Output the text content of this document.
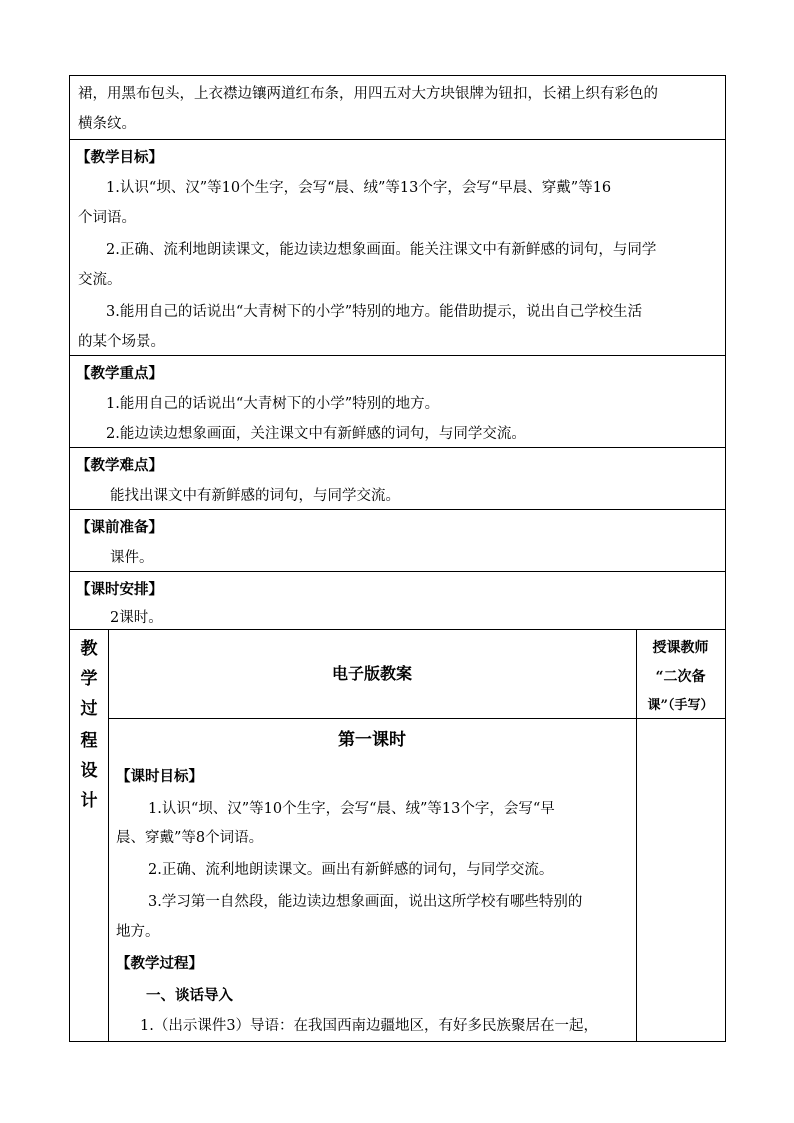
裙，用黑布包头，上衣襟边镶两道红布条，用四五对大方块银牌为钮扣，长裙上织有彩色的
横条纹。
【教学目标】
1.认识“坝、汉”等10个生字，会写“晨、绒”等13个字，会写“早晨、穿戴”等16
个词语。
2.正确、流利地朗读课文，能边读边想象画面。能关注课文中有新鲜感的词句，与同学
交流。
3.能用自己的话说出“大青树下的小学”特别的地方。能借助提示，说出自己学校生活
的某个场景。
【教学重点】
1.能用自己的话说出“大青树下的小学”特别的地方。
2.能边读边想象画面，关注课文中有新鲜感的词句，与同学交流。
【教学难点】
能找出课文中有新鲜感的词句，与同学交流。
【课前准备】
课件。
【课时安排】
2课时。
教
学
过
程
设
计
电子版教案
授课教师
“二次备
课”（手写）
第一课时
【课时目标】
1.认识“坝、汉”等10个生字，会写“晨、绒”等13个字，会写“早
晨、穿戴”等8个词语。
2.正确、流利地朗读课文。画出有新鲜感的词句，与同学交流。
3.学习第一自然段，能边读边想象画面，说出这所学校有哪些特别的
地方。
【教学过程】
一、谈话导入
1.（出示课件3）导语：在我国西南边疆地区，有好多民族聚居在一起，
